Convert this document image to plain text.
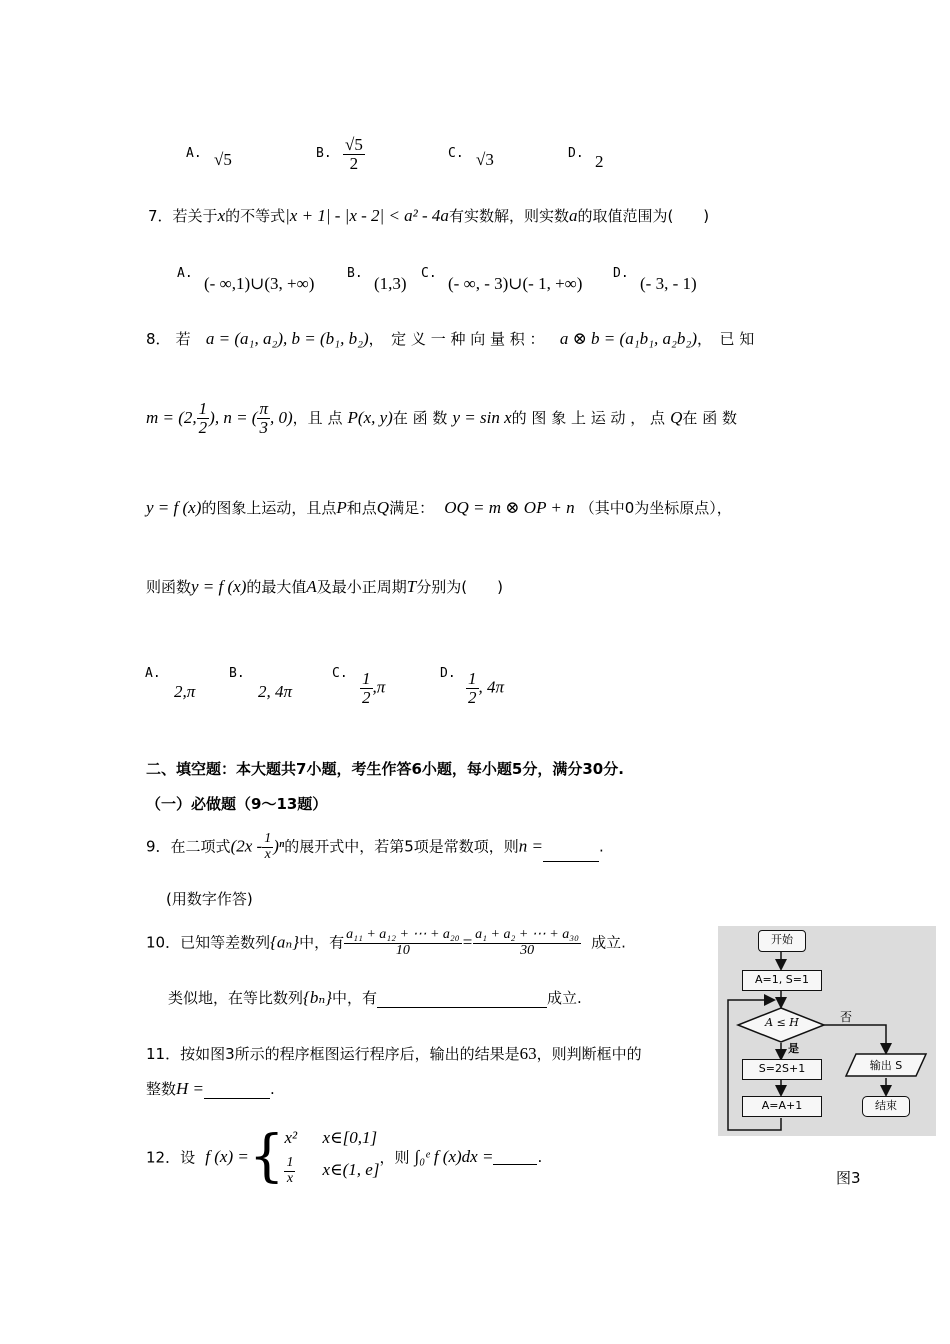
A. √5	B. $\frac{√5}{2}$	C. √3	D. 2
7．若关于x的不等式|x + 1| - |x - 2| < a² - 4a有实数解，则实数a的取值范围为(　　)
A.
(- ∞,1)∪(3, +∞)
B.
(1,3)
C.
(- ∞, - 3)∪(- 1, +∞)
D.
(- 3, - 1)
8． 若 a = (a₁, a₂), b = (b₁, b₂)，　定 义 一 种 向 量 积 ： a ⊗ b = (a₁b₁, a₂b₂)，　已 知
m = (2, $\frac{1}{2}$ ), n = ( $\frac{\pi}{3}$ , 0)，且 点 P(x, y)在 函 数 y = sin x的 图 象 上 运 动 ， 点 Q在 函 数
y = f (x)的图象上运动，且点P和点Q满足： OQ = m ⊗ OP + n （其中0为坐标原点），
则函数y = f (x)的最大值A及最小正周期T分别为(　　)
A.
2,π
B.
2, 4π
C. $\frac{1}{2} ,\pi$
D. $\frac{1}{2}$ , 4π
二、填空题：本大题共7小题，考生作答6小题，每小题5分，满分30分.
（一）必做题（9～13题）
9．在二项式$(2x - \frac{1}{x} )^n$的展开式中，若第5项是常数项，则n =	.
(用数字作答)
10．已知等差数列{aₙ}中，有 $\frac{\text{a₁₁ + a₁₂ + ⋯ + a₂₀}}{10} = \frac{\text{a₁ + a₂ + ⋯ + a₃₀}}{30}$ 成立.
类似地，在等比数列{bₙ}中，有	成立.
11．按如图3所示的程序框图运行程序后，输出的结果是63，则判断框中的
整数H =	.
12．设 f (x) ={ x² x∈[0,1]
$\frac{1}{x}$ x∈(1, e]
，则 ∫₀ᵉ f (x)dx =	.
开始
A=1, S=1
A ≤ H	否
是
S=2S+1
A=A+1
输出 S
结束
图3
